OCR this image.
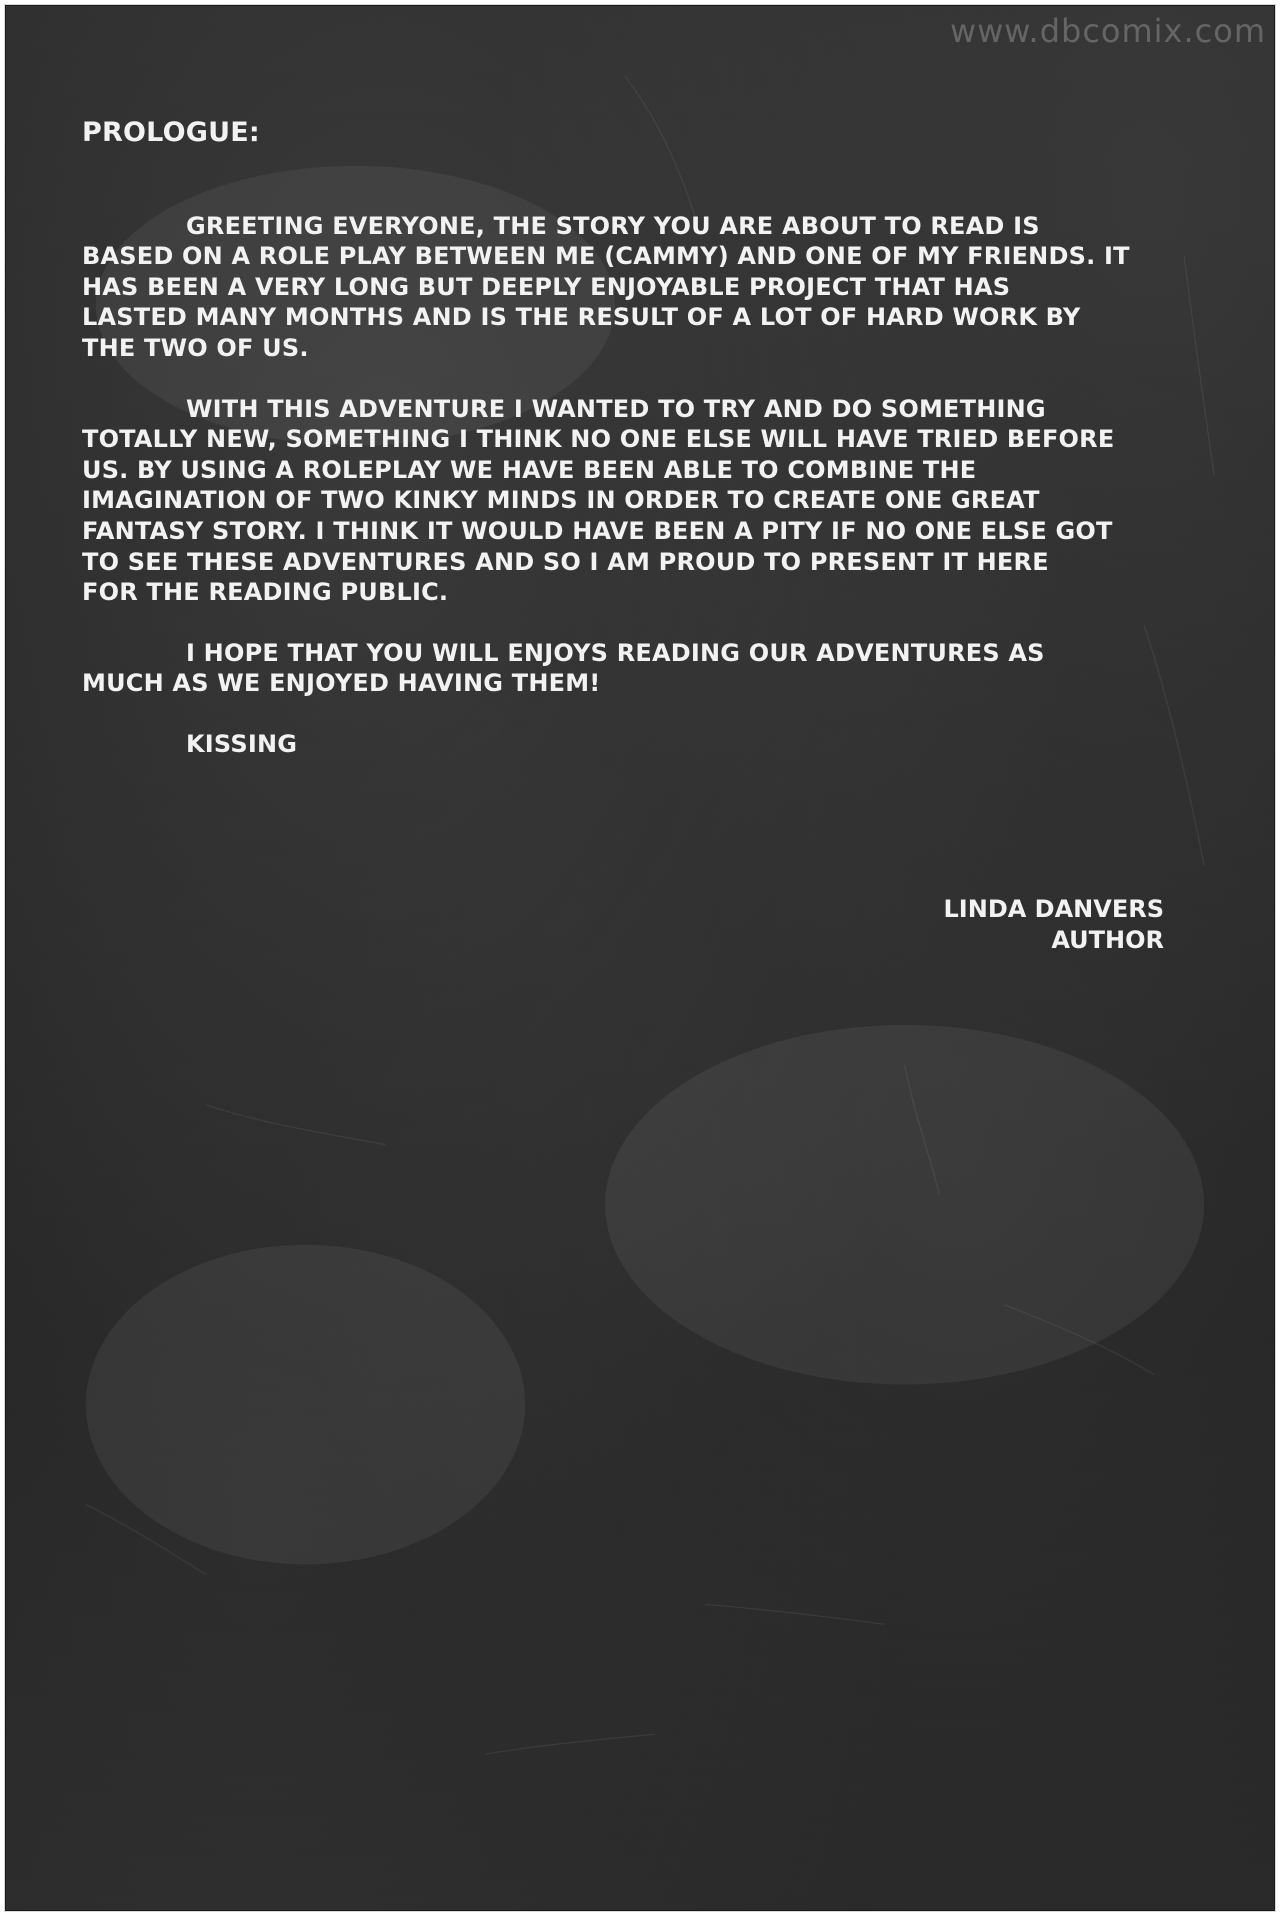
www.dbcomix.com
PROLOGUE:
GREETING EVERYONE, THE STORY YOU ARE ABOUT TO READ IS
BASED ON A ROLE PLAY BETWEEN ME (CAMMY) AND ONE OF MY FRIENDS. IT
HAS BEEN A VERY LONG BUT DEEPLY ENJOYABLE PROJECT THAT HAS
LASTED MANY MONTHS AND IS THE RESULT OF A LOT OF HARD WORK BY
THE TWO OF US.
WITH THIS ADVENTURE I WANTED TO TRY AND DO SOMETHING
TOTALLY NEW, SOMETHING I THINK NO ONE ELSE WILL HAVE TRIED BEFORE
US. BY USING A ROLEPLAY WE HAVE BEEN ABLE TO COMBINE THE
IMAGINATION OF TWO KINKY MINDS IN ORDER TO CREATE ONE GREAT
FANTASY STORY. I THINK IT WOULD HAVE BEEN A PITY IF NO ONE ELSE GOT
TO SEE THESE ADVENTURES AND SO I AM PROUD TO PRESENT IT HERE
FOR THE READING PUBLIC.
I HOPE THAT YOU WILL ENJOYS READING OUR ADVENTURES AS
MUCH AS WE ENJOYED HAVING THEM!
KISSING
LINDA DANVERS
AUTHOR
